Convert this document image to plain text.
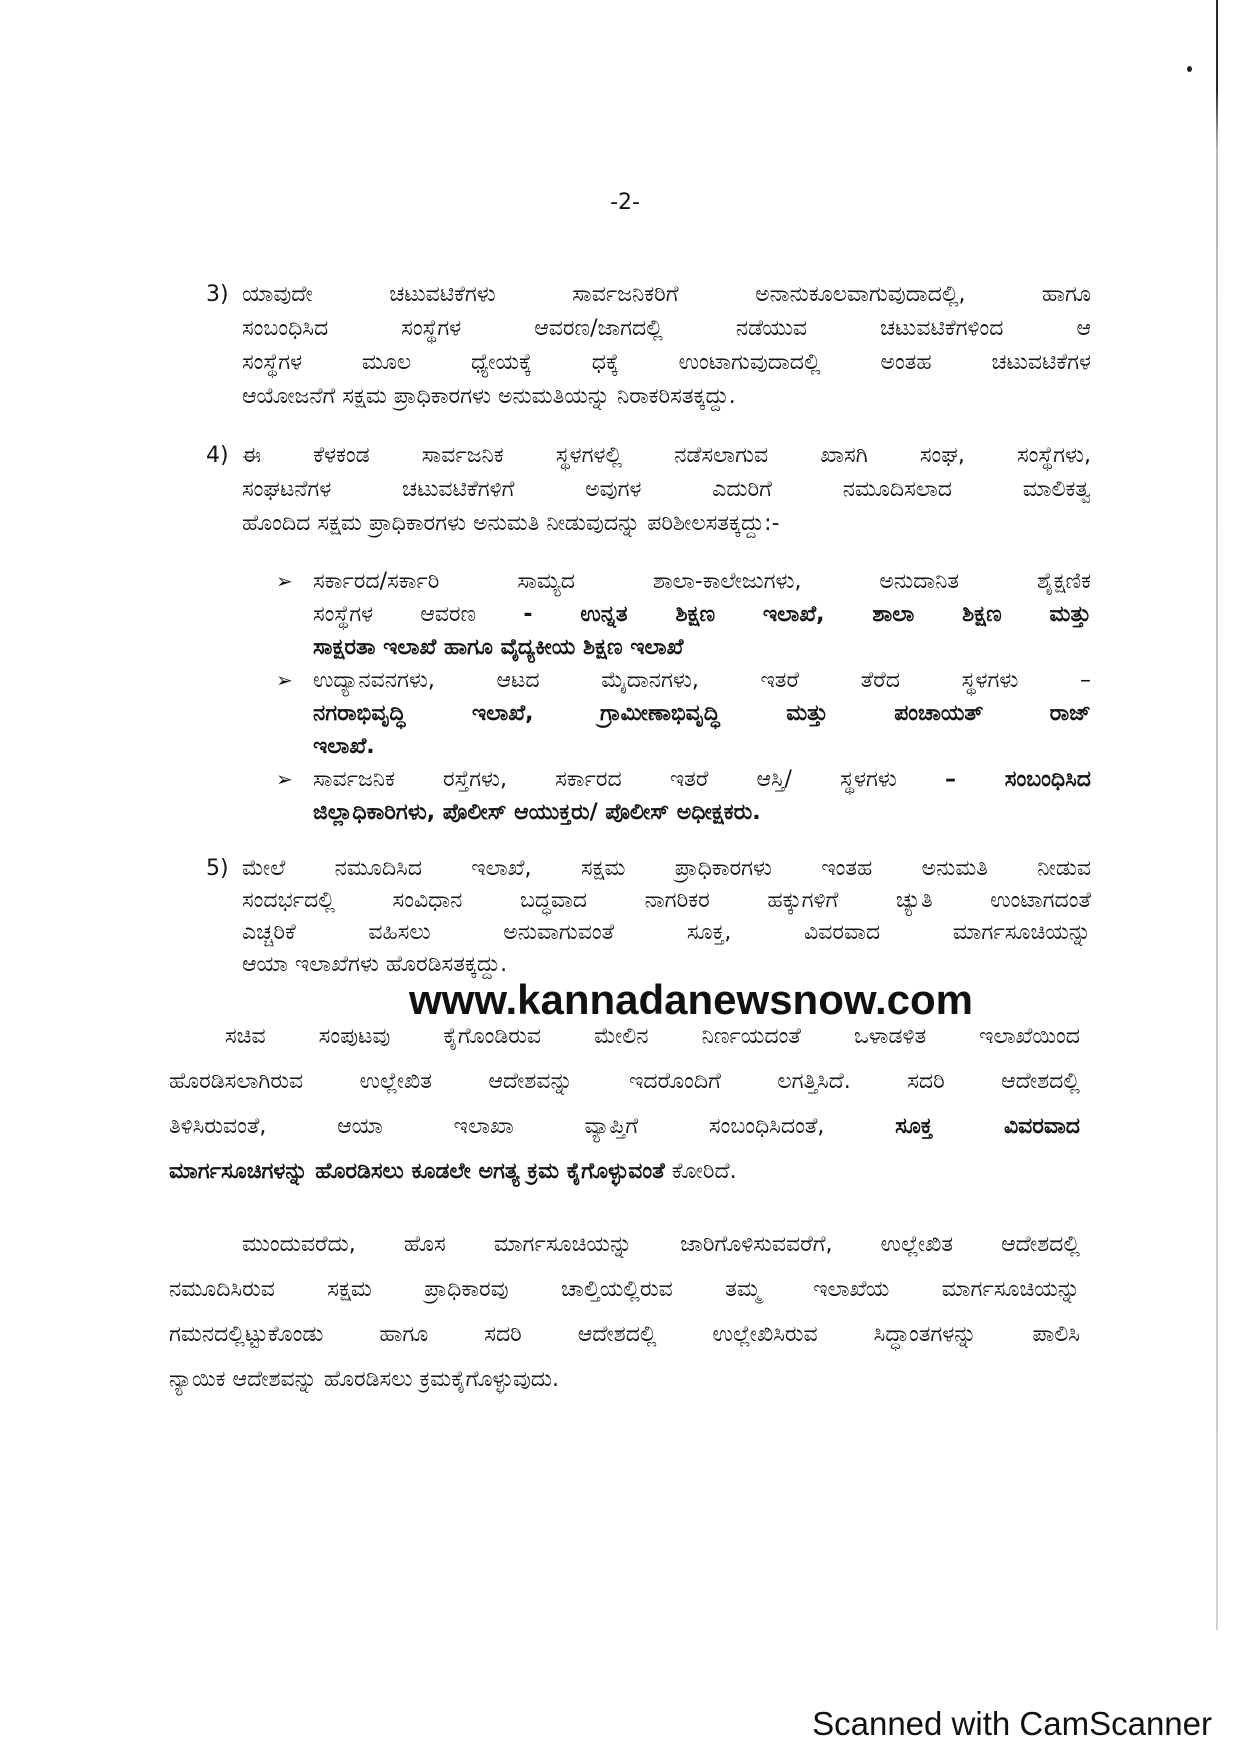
-2-
3) ಯಾವುದೇ ಚಟುವಟಿಕೆಗಳು ಸಾರ್ವಜನಿಕರಿಗೆ ಅನಾನುಕೂಲವಾಗುವುದಾದಲ್ಲಿ, ಹಾಗೂ
ಸಂಬಂಧಿಸಿದ ಸಂಸ್ಥೆಗಳ ಆವರಣ/ಜಾಗದಲ್ಲಿ ನಡೆಯುವ ಚಟುವಟಿಕೆಗಳಿಂದ ಆ
ಸಂಸ್ಥೆಗಳ ಮೂಲ ಧ್ಯೇಯಕ್ಕೆ ಧಕ್ಕೆ ಉಂಟಾಗುವುದಾದಲ್ಲಿ ಅಂತಹ ಚಟುವಟಿಕೆಗಳ
ಆಯೋಜನೆಗೆ ಸಕ್ಷಮ ಪ್ರಾಧಿಕಾರಗಳು ಅನುಮತಿಯನ್ನು ನಿರಾಕರಿಸತಕ್ಕದ್ದು.
4) ಈ ಕೆಳಕಂಡ ಸಾರ್ವಜನಿಕ ಸ್ಥಳಗಳಲ್ಲಿ ನಡೆಸಲಾಗುವ ಖಾಸಗಿ ಸಂಘ, ಸಂಸ್ಥೆಗಳು,
ಸಂಘಟನೆಗಳ ಚಟುವಟಿಕೆಗಳಿಗೆ ಅವುಗಳ ಎದುರಿಗೆ ನಮೂದಿಸಲಾದ ಮಾಲಿಕತ್ವ
ಹೊಂದಿದ ಸಕ್ಷಮ ಪ್ರಾಧಿಕಾರಗಳು ಅನುಮತಿ ನೀಡುವುದನ್ನು ಪರಿಶೀಲಸತಕ್ಕದ್ದು:-
➢ ಸರ್ಕಾರದ/ಸರ್ಕಾರಿ ಸಾಮ್ಯದ ಶಾಲಾ-ಕಾಲೇಜುಗಳು, ಅನುದಾನಿತ ಶೈಕ್ಷಣಿಕ
ಸಂಸ್ಥೆಗಳ ಆವರಣ - ಉನ್ನತ ಶಿಕ್ಷಣ ಇಲಾಖೆ, ಶಾಲಾ ಶಿಕ್ಷಣ ಮತ್ತು
ಸಾಕ್ಷರತಾ ಇಲಾಖೆ ಹಾಗೂ ವೈದ್ಯಕೀಯ ಶಿಕ್ಷಣ ಇಲಾಖೆ
➢ ಉದ್ಯಾನವನಗಳು, ಆಟದ ಮೈದಾನಗಳು, ಇತರೆ ತೆರೆದ ಸ್ಥಳಗಳು –
ನಗರಾಭಿವೃದ್ಧಿ ಇಲಾಖೆ, ಗ್ರಾಮೀಣಾಭಿವೃದ್ಧಿ ಮತ್ತು ಪಂಚಾಯತ್ ರಾಜ್
ಇಲಾಖೆ.
➢ ಸಾರ್ವಜನಿಕ ರಸ್ತೆಗಳು, ಸರ್ಕಾರದ ಇತರೆ ಆಸ್ತಿ/ ಸ್ಥಳಗಳು – ಸಂಬಂಧಿಸಿದ
ಜಿಲ್ಲಾಧಿಕಾರಿಗಳು, ಪೊಲೀಸ್ ಆಯುಕ್ತರು/ ಪೊಲೀಸ್ ಅಧೀಕ್ಷಕರು.
5) ಮೇಲೆ ನಮೂದಿಸಿದ ಇಲಾಖೆ, ಸಕ್ಷಮ ಪ್ರಾಧಿಕಾರಗಳು ಇಂತಹ ಅನುಮತಿ ನೀಡುವ
ಸಂದರ್ಭದಲ್ಲಿ ಸಂವಿಧಾನ ಬದ್ಧವಾದ ನಾಗರಿಕರ ಹಕ್ಕುಗಳಿಗೆ ಚ್ಯುತಿ ಉಂಟಾಗದಂತೆ
ಎಚ್ಚರಿಕೆ ವಹಿಸಲು ಅನುವಾಗುವಂತೆ ಸೂಕ್ತ, ವಿವರವಾದ ಮಾರ್ಗಸೂಚಿಯನ್ನು
ಆಯಾ ಇಲಾಖೆಗಳು ಹೊರಡಿಸತಕ್ಕದ್ದು.
ಸಚಿವ ಸಂಪುಟವು ಕೈಗೊಂಡಿರುವ ಮೇಲಿನ ನಿರ್ಣಯದಂತೆ ಒಳಾಡಳಿತ ಇಲಾಖೆಯಿಂದ
ಹೊರಡಿಸಲಾಗಿರುವ ಉಲ್ಲೇಖಿತ ಆದೇಶವನ್ನು ಇದರೊಂದಿಗೆ ಲಗತ್ತಿಸಿದೆ. ಸದರಿ ಆದೇಶದಲ್ಲಿ
ತಿಳಿಸಿರುವಂತೆ, ಆಯಾ ಇಲಾಖಾ ವ್ಯಾಪ್ತಿಗೆ ಸಂಬಂಧಿಸಿದಂತೆ, ಸೂಕ್ತ ವಿವರವಾದ
ಮಾರ್ಗಸೂಚಿಗಳನ್ನು ಹೊರಡಿಸಲು ಕೂಡಲೇ ಅಗತ್ಯ ಕ್ರಮ ಕೈಗೊಳ್ಳುವಂತೆ ಕೋರಿದೆ.
ಮುಂದುವರೆದು, ಹೊಸ ಮಾರ್ಗಸೂಚಿಯನ್ನು ಜಾರಿಗೊಳಿಸುವವರೆಗೆ, ಉಲ್ಲೇಖಿತ ಆದೇಶದಲ್ಲಿ
ನಮೂದಿಸಿರುವ ಸಕ್ಷಮ ಪ್ರಾಧಿಕಾರವು ಚಾಲ್ತಿಯಲ್ಲಿರುವ ತಮ್ಮ ಇಲಾಖೆಯ ಮಾರ್ಗಸೂಚಿಯನ್ನು
ಗಮನದಲ್ಲಿಟ್ಟುಕೊಂಡು ಹಾಗೂ ಸದರಿ ಆದೇಶದಲ್ಲಿ ಉಲ್ಲೇಖಿಸಿರುವ ಸಿದ್ಧಾಂತಗಳನ್ನು ಪಾಲಿಸಿ
ನ್ಯಾಯಿಕ ಆದೇಶವನ್ನು ಹೊರಡಿಸಲು ಕ್ರಮಕೈಗೊಳ್ಳುವುದು.
www.kannadanewsnow.com
Scanned with CamScanner
